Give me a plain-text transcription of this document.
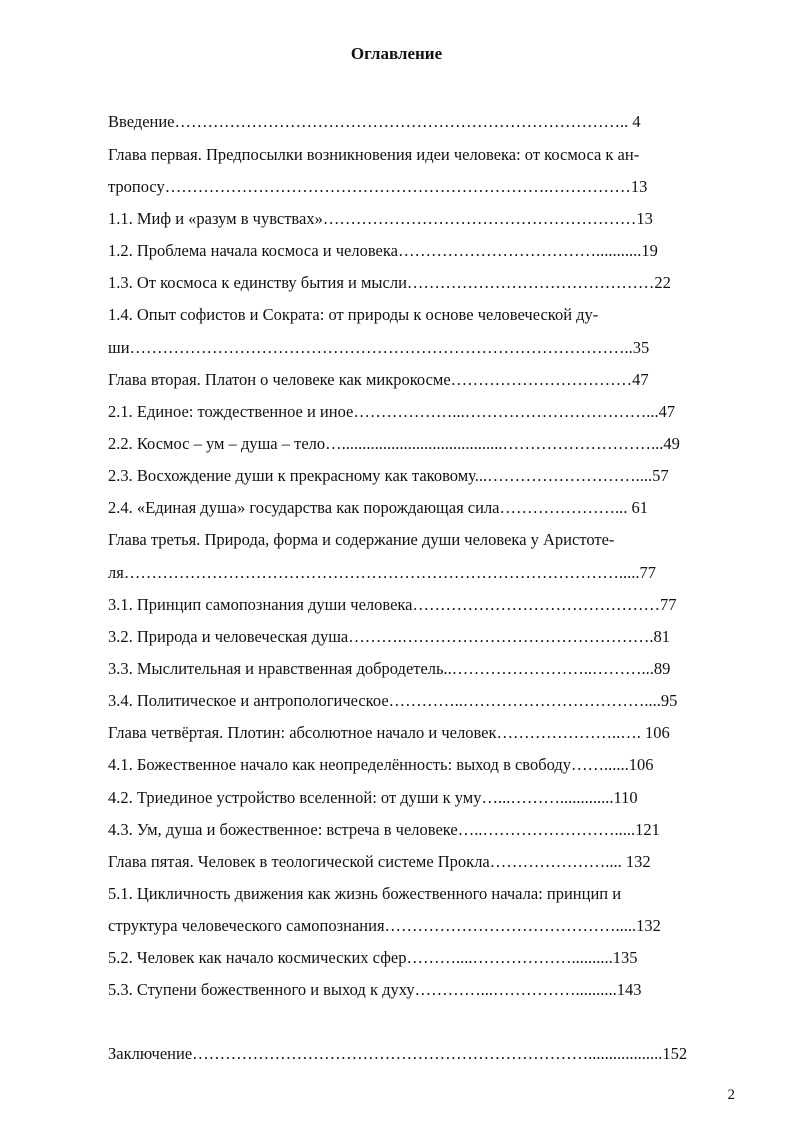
Оглавление
Введение……………………………………………………………………….. 4
Глава первая. Предпосылки возникновения идеи человека: от космоса к ан-
тропосу…………………………………………………………….……………13
1.1. Миф и «разум в чувствах»…………………………………………………13
1.2. Проблема начала космоса и человека………………………………...........19
1.3. От космоса к единству бытия и мысли………………………………………22
1.4. Опыт софистов и Сократа: от природы к основе человеческой ду-
ши………………………………………………………………………………..35
Глава вторая. Платон о человеке как микрокосме……………………………47
2.1. Единое: тождественное и иное………………...……………………………...47
2.2. Космос – ум – душа – тело….......................................………………………...49
2.3. Восхождение души к прекрасному как таковому...………………………....57
2.4. «Единая душа» государства как порождающая сила…………………... 61
Глава третья. Природа, форма и содержание души человека у Аристоте-
ля……………………………………………………………………………….....77
3.1. Принцип самопознания души человека………………………………………77
3.2. Природа и человеческая душа……….……………………………………….81
3.3. Мыслительная и нравственная добродетель..……………………..………...89
3.4. Политическое и антропологическое…………..……………………………....95
Глава четвёртая. Плотин: абсолютное начало и человек…………………..…. 106
4.1. Божественное начало как неопределённость: выход в свободу……......106
4.2. Триединое устройство вселенной: от души к уму…...……….............110
4.3. Ум, душа и божественное: встреча в человеке…..…………………….....121
Глава пятая. Человек в теологической системе Прокла………………….... 132
5.1. Цикличность движения как жизнь божественного начала: принцип и
структура человеческого самопознания…………………………………….....132
5.2. Человек как начало космических сфер………....………………..........135
5.3. Ступени божественного и выход к духу…………...……………..........143
Заключение………………………………………………………………..................152
2
